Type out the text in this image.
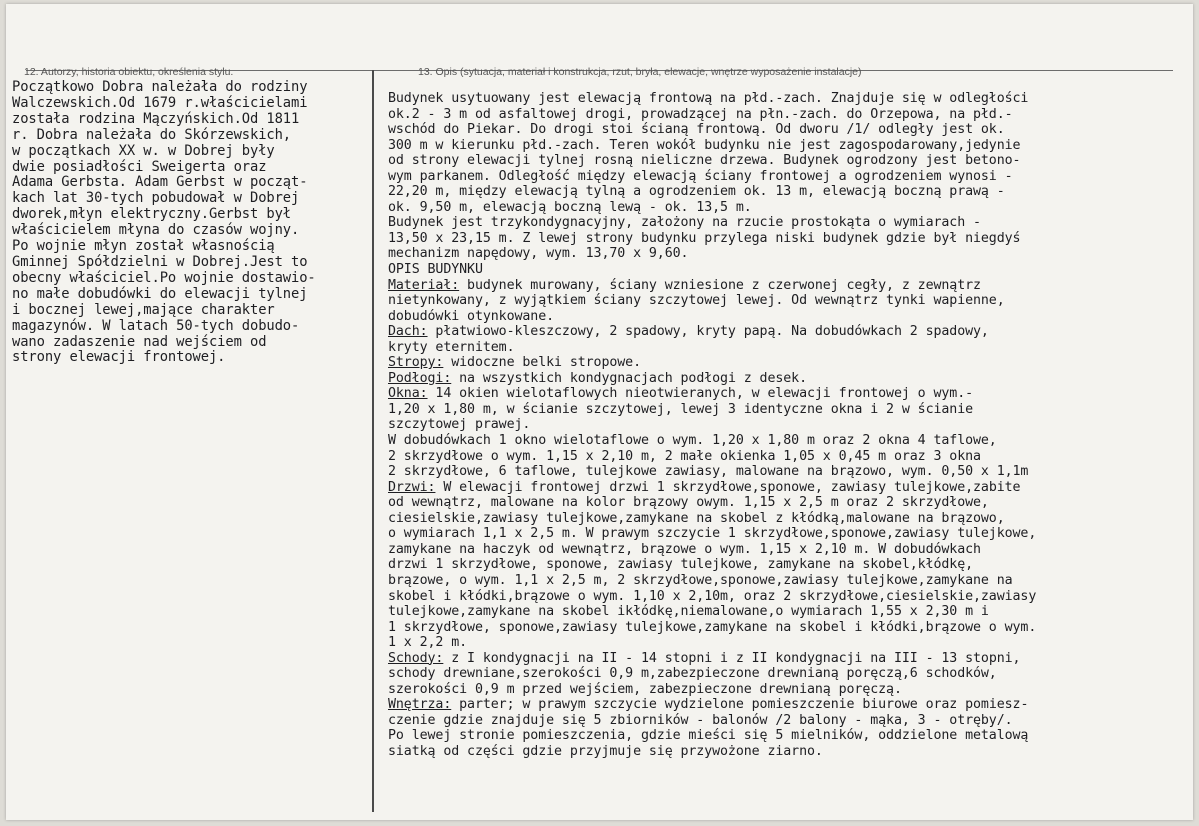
12. Autorzy, historia obiektu, określenia stylu.	13. Opis (sytuacja, materiał i konstrukcja, rzut, bryła, elewacje, wnętrze wyposażenie instalacje)
Początkowo Dobra należała do rodziny
Walczewskich.Od 1679 r.właścicielami
została rodzina Mączyńskich.Od 1811
r. Dobra należała do Skórzewskich,
w początkach XX w. w Dobrej były
dwie posiadłości Sweigerta oraz
Adama Gerbsta. Adam Gerbst w począt-
kach lat 30-tych pobudował w Dobrej
dworek,młyn elektryczny.Gerbst był
właścicielem młyna do czasów wojny.
Po wojnie młyn został własnością
Gminnej Spółdzielni w Dobrej.Jest to
obecny właściciel.Po wojnie dostawio-
no małe dobudówki do elewacji tylnej
i bocznej lewej,mające charakter
magazynów. W latach 50-tych dobudo-
wano zadaszenie nad wejściem od
strony elewacji frontowej.
Budynek usytuowany jest elewacją frontową na płd.-zach. Znajduje się w odległości
ok.2 - 3 m od asfaltowej drogi, prowadzącej na płn.-zach. do Orzepowa, na płd.-
wschód do Piekar. Do drogi stoi ścianą frontową. Od dworu /1/ odległy jest ok.
300 m w kierunku płd.-zach. Teren wokół budynku nie jest zagospodarowany,jedynie
od strony elewacji tylnej rosną nieliczne drzewa. Budynek ogrodzony jest betono-
wym parkanem. Odległość między elewacją ściany frontowej a ogrodzeniem wynosi -
22,20 m, między elewacją tylną a ogrodzeniem ok. 13 m, elewacją boczną prawą -
ok. 9,50 m, elewacją boczną lewą - ok. 13,5 m.
Budynek jest trzykondygnacyjny, założony na rzucie prostokąta o wymiarach -
13,50 x 23,15 m. Z lewej strony budynku przylega niski budynek gdzie był niegdyś
mechanizm napędowy, wym. 13,70 x 9,60.
OPIS BUDYNKU
Materiał: budynek murowany, ściany wzniesione z czerwonej cegły, z zewnątrz
nietynkowany, z wyjątkiem ściany szczytowej lewej. Od wewnątrz tynki wapienne,
dobudówki otynkowane.
Dach: płatwiowo-kleszczowy, 2 spadowy, kryty papą. Na dobudówkach 2 spadowy,
kryty eternitem.
Stropy: widoczne belki stropowe.
Podłogi: na wszystkich kondygnacjach podłogi z desek.
Okna: 14 okien wielotaflowych nieotwieranych, w elewacji frontowej o wym.-
1,20 x 1,80 m, w ścianie szczytowej, lewej 3 identyczne okna i 2 w ścianie
szczytowej prawej.
W dobudówkach 1 okno wielotaflowe o wym. 1,20 x 1,80 m oraz 2 okna 4 taflowe,
2 skrzydłowe o wym. 1,15 x 2,10 m, 2 małe okienka 1,05 x 0,45 m oraz 3 okna
2 skrzydłowe, 6 taflowe, tulejkowe zawiasy, malowane na brązowo, wym. 0,50 x 1,1m
Drzwi: W elewacji frontowej drzwi 1 skrzydłowe,sponowe, zawiasy tulejkowe,zabite
od wewnątrz, malowane na kolor brązowy owym. 1,15 x 2,5 m oraz 2 skrzydłowe,
ciesielskie,zawiasy tulejkowe,zamykane na skobel z kłódką,malowane na brązowo,
o wymiarach 1,1 x 2,5 m. W prawym szczycie 1 skrzydłowe,sponowe,zawiasy tulejkowe,
zamykane na haczyk od wewnątrz, brązowe o wym. 1,15 x 2,10 m. W dobudówkach
drzwi 1 skrzydłowe, sponowe, zawiasy tulejkowe, zamykane na skobel,kłódkę,
brązowe, o wym. 1,1 x 2,5 m, 2 skrzydłowe,sponowe,zawiasy tulejkowe,zamykane na
skobel i kłódki,brązowe o wym. 1,10 x 2,10m, oraz 2 skrzydłowe,ciesielskie,zawiasy
tulejkowe,zamykane na skobel ikłódkę,niemalowane,o wymiarach 1,55 x 2,30 m i
1 skrzydłowe, sponowe,zawiasy tulejkowe,zamykane na skobel i kłódki,brązowe o wym.
1 x 2,2 m.
Schody: z I kondygnacji na II - 14 stopni i z II kondygnacji na III - 13 stopni,
schody drewniane,szerokości 0,9 m,zabezpieczone drewnianą poręczą,6 schodków,
szerokości 0,9 m przed wejściem, zabezpieczone drewnianą poręczą.
Wnętrza: parter; w prawym szczycie wydzielone pomieszczenie biurowe oraz pomiesz-
czenie gdzie znajduje się 5 zbiorników - balonów /2 balony - mąka, 3 - otręby/.
Po lewej stronie pomieszczenia, gdzie mieści się 5 mielników, oddzielone metalową
siatką od części gdzie przyjmuje się przywożone ziarno.
